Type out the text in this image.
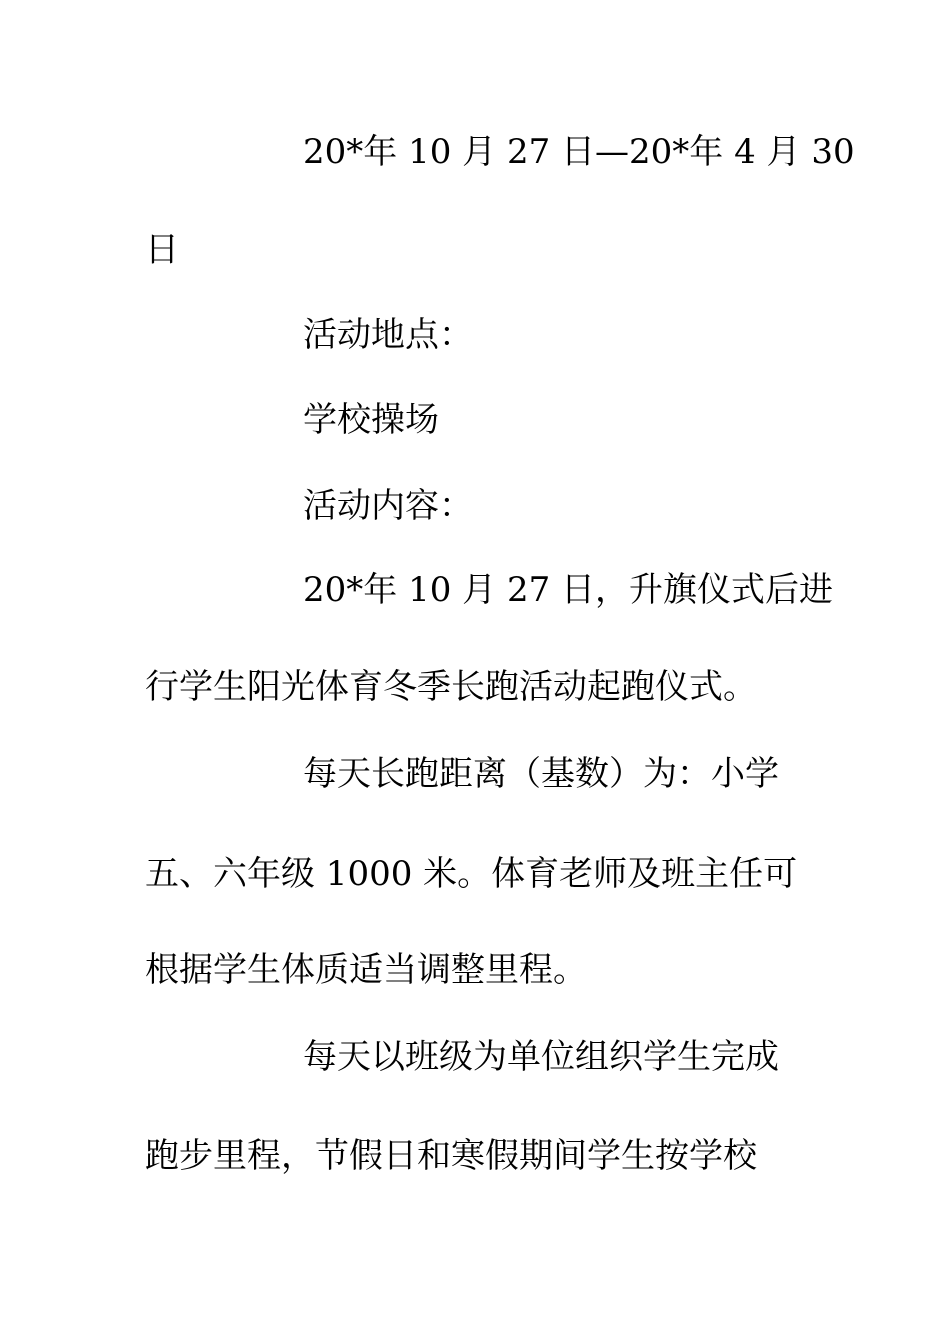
20*年 10 月 27 日—20*年 4 月 30
日
活动地点：
学校操场
活动内容：
20*年 10 月 27 日，升旗仪式后进
行学生阳光体育冬季长跑活动起跑仪式。
每天长跑距离（基数）为：小学
五、六年级 1000 米。体育老师及班主任可
根据学生体质适当调整里程。
每天以班级为单位组织学生完成
跑步里程，节假日和寒假期间学生按学校
